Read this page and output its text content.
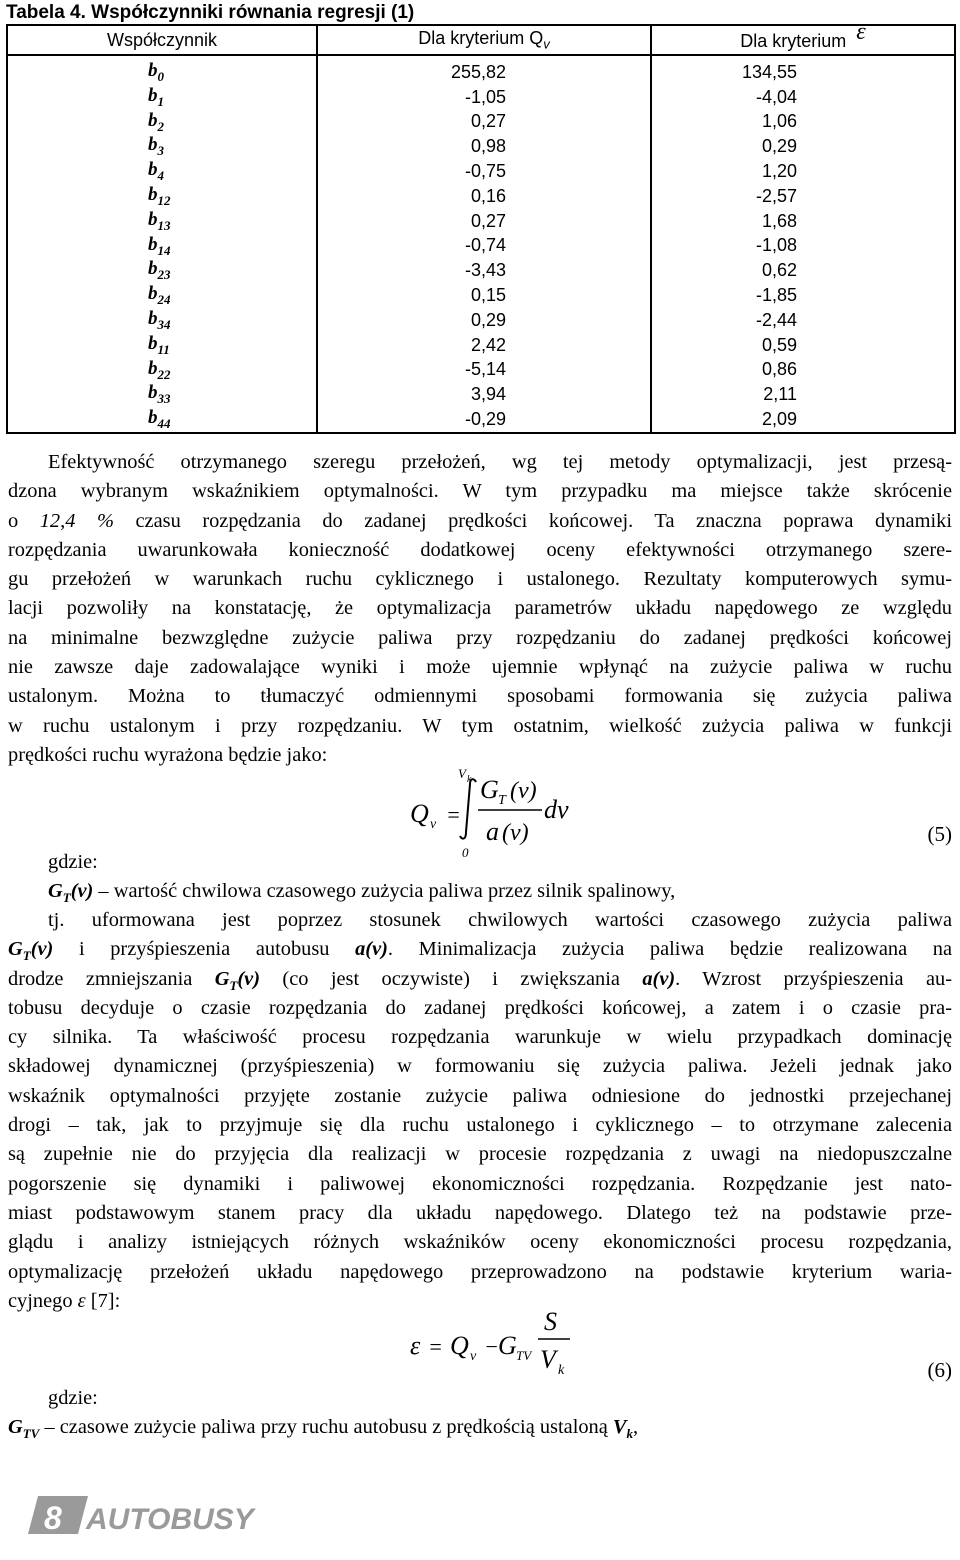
Tabela 4. Współczynniki równania regresji (1)
Współczynnik	Dla kryterium $Q_v$	Dla kryterium ε
$b_0$	255,82	134,55
$b_1$	-1,05	-4,04
$b_2$	0,27	1,06
$b_3$	0,98	0,29
$b_4$	-0,75	1,20
$b_{12}$	0,16	-2,57
$b_{13}$	0,27	1,68
$b_{14}$	-0,74	-1,08
$b_{23}$	-3,43	0,62
$b_{24}$	0,15	-1,85
$b_{34}$	0,29	-2,44
$b_{11}$	2,42	0,59
$b_{22}$	-5,14	0,86
$b_{33}$	3,94	2,11
$b_{44}$	-0,29	2,09
Efektywność otrzymanego szeregu przełożeń, wg tej metody optymalizacji, jest przesą-
dzona wybranym wskaźnikiem optymalności. W tym przypadku ma miejsce także skrócenie
o 12,4 % czasu rozpędzania do zadanej prędkości końcowej. Ta znaczna poprawa dynamiki
rozpędzania uwarunkowała konieczność dodatkowej oceny efektywności otrzymanego szere-
gu przełożeń w warunkach ruchu cyklicznego i ustalonego. Rezultaty komputerowych symu-
lacji pozwoliły na konstatację, że optymalizacja parametrów układu napędowego ze względu
na minimalne bezwzględne zużycie paliwa przy rozpędzaniu do zadanej prędkości końcowej
nie zawsze daje zadowalające wyniki i może ujemnie wpłynąć na zużycie paliwa w ruchu
ustalonym. Można to tłumaczyć odmiennymi sposobami formowania się zużycia paliwa
w ruchu ustalonym i przy rozpędzaniu. W tym ostatnim, wielkość zużycia paliwa w funkcji
prędkości ruchu wyrażona będzie jako:
Q v =
V k
0
G T (v)
a (v)
dv
(5)
gdzie:
$G_T(v)$ – wartość chwilowa czasowego zużycia paliwa przez silnik spalinowy,
tj. uformowana jest poprzez stosunek chwilowych wartości czasowego zużycia paliwa
$G_T(v)$ i przyśpieszenia autobusu a(v). Minimalizacja zużycia paliwa będzie realizowana na
drodze zmniejszania $G_T(v)$ (co jest oczywiste) i zwiększania a(v). Wzrost przyśpieszenia au-
tobusu decyduje o czasie rozpędzania do zadanej prędkości końcowej, a zatem i o czasie pra-
cy silnika. Ta właściwość procesu rozpędzania warunkuje w wielu przypadkach dominację
składowej dynamicznej (przyśpieszenia) w formowaniu się zużycia paliwa. Jeżeli jednak jako
wskaźnik optymalności przyjęte zostanie zużycie paliwa odniesione do jednostki przejechanej
drogi – tak, jak to przyjmuje się dla ruchu ustalonego i cyklicznego – to otrzymane zalecenia
są zupełnie nie do przyjęcia dla realizacji w procesie rozpędzania z uwagi na niedopuszczalne
pogorszenie się dynamiki i paliwowej ekonomiczności rozpędzania. Rozpędzanie jest nato-
miast podstawowym stanem pracy dla układu napędowego. Dlatego też na podstawie prze-
glądu i analizy istniejących różnych wskaźników oceny ekonomiczności procesu rozpędzania,
optymalizację przełożeń układu napędowego przeprowadzono na podstawie kryterium waria-
cyjnego ε [7]:
ε = Q v − G TV
S
V k	(6)
gdzie:
$G_{TV}$ – czasowe zużycie paliwa przy ruchu autobusu z prędkością ustaloną $V_k$,
8 AUTOBUSY
